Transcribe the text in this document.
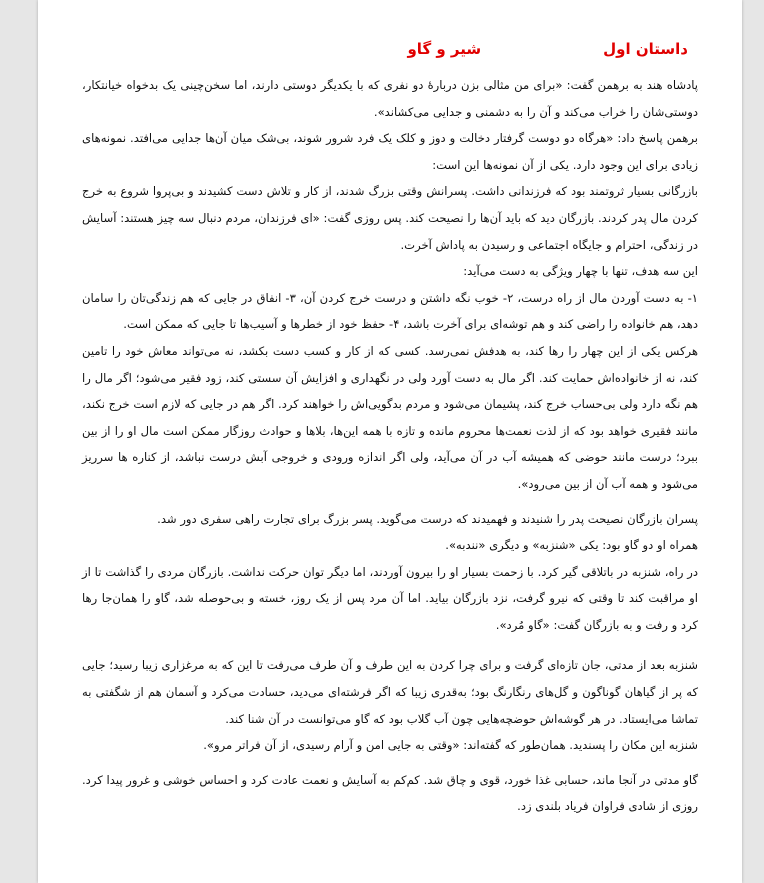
داستان اول
شیر و گاو

پادشاه هند به برهمن گفت: «برای من مثالی بزن دربارهٔ دو نفری که با یکدیگر دوستی دارند، اما سخن‌چینی یک بدخواه خیانتکار، دوستی‌شان را خراب می‌کند و آن را به دشمنی و جدایی می‌کشاند».

برهمن پاسخ داد: «هرگاه دو دوست گرفتار دخالت و دوز و کلک یک فرد شرور شوند، بی‌شک میان آن‌ها جدایی می‌افتد. نمونه‌های زیادی برای این وجود دارد. یکی از آن نمونه‌ها این است:

بازرگانی بسیار ثروتمند بود که فرزندانی داشت. پسرانش وقتی بزرگ شدند، از کار و تلاش دست کشیدند و بی‌پروا شروع به خرج کردن مال پدر کردند. بازرگان دید که باید آن‌ها را نصیحت کند. پس روزی گفت: «ای فرزندان، مردم دنبال سه چیز هستند: آسایش در زندگی، احترام و جایگاه اجتماعی و رسیدن به پاداش آخرت.

این سه هدف، تنها با چهار ویژگی به دست می‌آید:

۱- به دست آوردن مال از راه درست، ۲- خوب نگه داشتن و درست خرج کردن آن، ۳- انفاق در جایی که هم زندگی‌تان را سامان دهد، هم خانواده را راضی کند و هم توشه‌ای برای آخرت باشد، ۴- حفظ خود از خطرها و آسیب‌ها تا جایی که ممکن است.

هرکس یکی از این چهار را رها کند، به هدفش نمی‌رسد. کسی که از کار و کسب دست بکشد، نه می‌تواند معاش خود را تامین کند، نه از خانواده‌اش حمایت کند. اگر مال به دست آورد ولی در نگهداری و افزایش آن سستی کند، زود فقیر می‌شود؛ اگر مال را هم نگه دارد ولی بی‌حساب خرج کند، پشیمان می‌شود و مردم بدگویی‌اش را خواهند کرد. اگر هم در جایی که لازم است خرج نکند، مانند فقیری خواهد بود که از لذت نعمت‌ها محروم مانده و تازه با همه این‌ها، بلاها و حوادث روزگار ممکن است مال او را از بین ببرد؛ درست مانند حوضی که همیشه آب در آن می‌آید، ولی اگر اندازه ورودی و خروجی آبش درست نباشد، از کناره ها سرریز می‌شود و همه آب آن از بین می‌رود».

پسران بازرگان نصیحت پدر را شنیدند و فهمیدند که درست می‌گوید. پسر بزرگ برای تجارت راهی سفری دور شد.

همراه او دو گاو بود: یکی «شنزبه» و دیگری «نندبه».

در راه، شنزبه در باتلاقی گیر کرد. با زحمت بسیار او را بیرون آوردند، اما دیگر توان حرکت نداشت. بازرگان مردی را گذاشت تا از او مراقبت کند تا وقتی که نیرو گرفت، نزد بازرگان بیاید. اما آن مرد پس از یک روز، خسته و بی‌حوصله شد، گاو را همان‌جا رها کرد و رفت و به بازرگان گفت: «گاو مُرد».

شنزبه بعد از مدتی، جان تازه‌ای گرفت و برای چرا کردن به این طرف و آن طرف می‌رفت تا این که به مرغزاری زیبا رسید؛ جایی که پر از گیاهان گوناگون و گل‌های رنگارنگ بود؛ به‌قدری زیبا که اگر فرشته‌ای می‌دید، حسادت می‌کرد و آسمان هم از شگفتی به تماشا می‌ایستاد. در هر گوشه‌اش حوضچه‌هایی چون آب گلاب بود که گاو می‌توانست در آن شنا کند.

شنزبه این مکان را پسندید. همان‌طور که گفته‌اند: «وقتی به جایی امن و آرام رسیدی، از آن فراتر مرو».

گاو مدتی در آنجا ماند، حسابی غذا خورد، قوی و چاق شد. کم‌کم به آسایش و نعمت عادت کرد و احساس خوشی و غرور پیدا کرد. روزی از شادی فراوان فریاد بلندی زد.
